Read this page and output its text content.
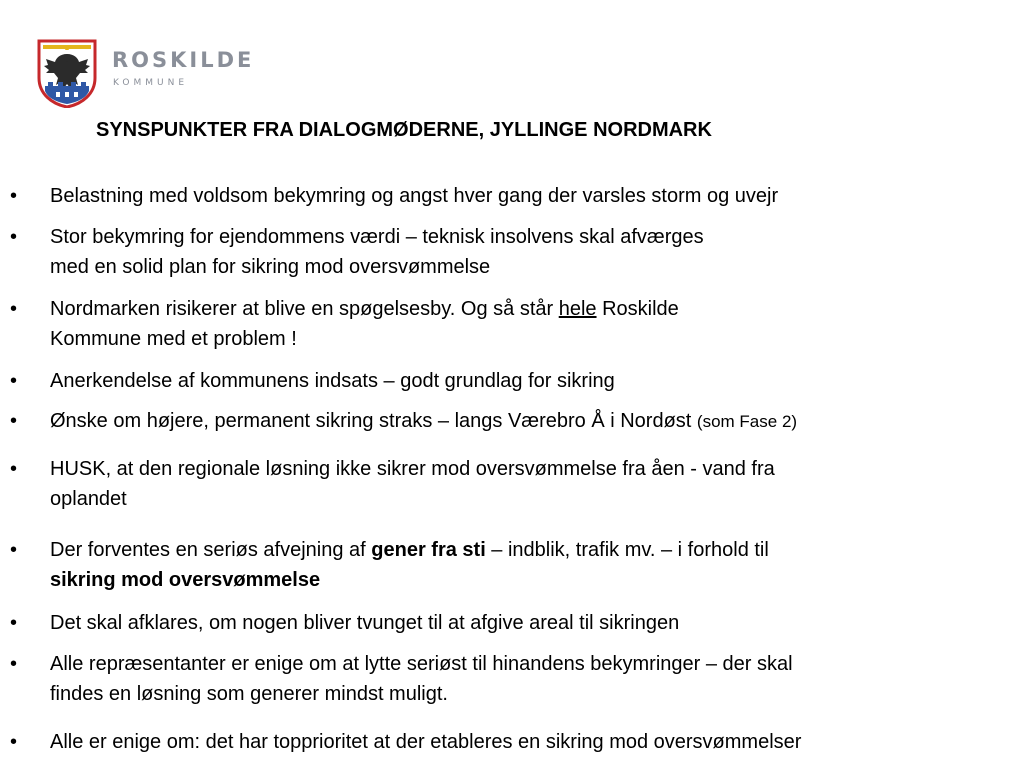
ROSKILDE
KOMMUNE
SYNSPUNKTER FRA DIALOGMØDERNE, JYLLINGE NORDMARK
•	Belastning med voldsom bekymring og angst hver gang der varsles storm og uvejr
•	Stor bekymring for ejendommens værdi – teknisk insolvens skal afværges
med en solid plan for sikring mod oversvømmelse
•	Nordmarken risikerer at blive en spøgelsesby. Og så står hele Roskilde
Kommune med et problem !
•	Anerkendelse af kommunens indsats – godt grundlag for sikring
•	Ønske om højere, permanent sikring straks – langs Værebro Å i Nordøst (som Fase 2)
•	HUSK, at den regionale løsning ikke sikrer mod oversvømmelse fra åen - vand fra
oplandet
•	Der forventes en seriøs afvejning af gener fra sti – indblik, trafik mv. – i forhold til
sikring mod oversvømmelse
•	Det skal afklares, om nogen bliver tvunget til at afgive areal til sikringen
•	Alle repræsentanter er enige om at lytte seriøst til hinandens bekymringer – der skal
findes en løsning som generer mindst muligt.
•	Alle er enige om: det har topprioritet at der etableres en sikring mod oversvømmelser
